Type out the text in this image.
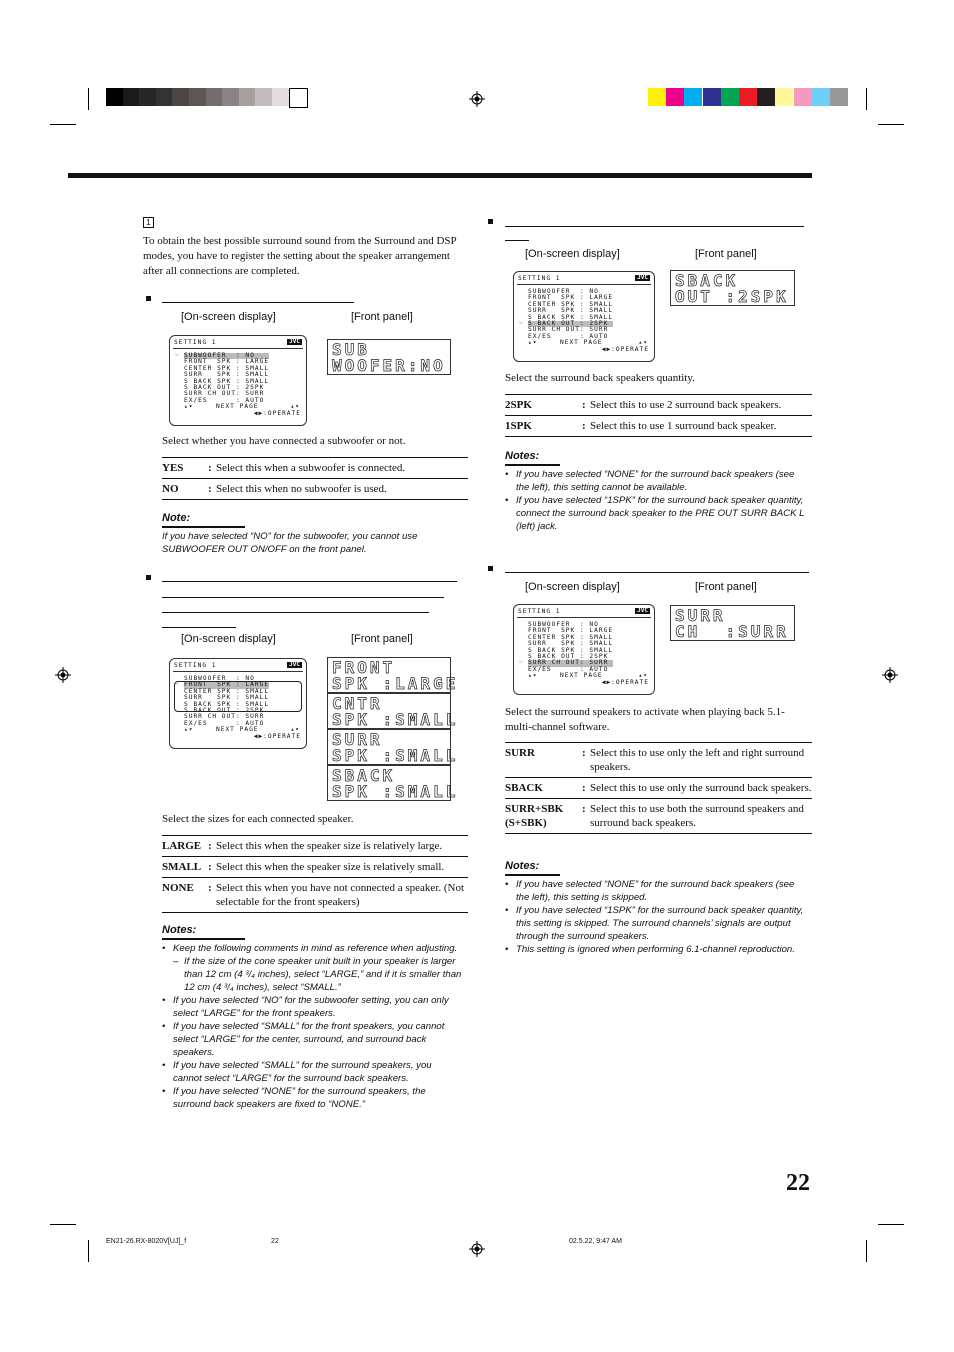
1
To obtain the best possible surround sound from the Surround and DSP modes, you have to register the setting about the speaker arrangement after all connections are completed.
[On-screen display]	[Front panel]
SETTING 1	JVC
SUBWOOFER  : NO
FRONT  SPK : LARGE
CENTER SPK : SMALL
SURR   SPK : SMALL
S BACK SPK : SMALL
S BACK OUT : 2SPK
SURR CH OUT: SURR
EX/ES      : AUTO
☞
▴▾	NEXT PAGE	▴▾
◀▶:OPERATE
SUB
WOOFER:NO
Select whether you have connected a subwoofer or not.
YES	:	Select this when a subwoofer is connected.
NO	:	Select this when no subwoofer is used.
Note:
If you have selected “NO” for the subwoofer, you cannot use SUBWOOFER OUT ON/OFF on the front panel.
[On-screen display]	[Front panel]
SETTING 1	JVC
SUBWOOFER  : NO
FRONT  SPK : LARGE
CENTER SPK : SMALL
SURR   SPK : SMALL
S BACK SPK : SMALL
S BACK OUT : 2SPK
SURR CH OUT: SURR
EX/ES      : AUTO
☞
▴▾	NEXT PAGE	▴▾
◀▶:OPERATE
FRONT
SPK :LARGE
CNTR
SPK :SMALL
SURR
SPK :SMALL
SBACK
SPK :SMALL
Select the sizes for each connected speaker.
LARGE	:	Select this when the speaker size is relatively large.
SMALL	:	Select this when the speaker size is relatively small.
NONE	:	Select this when you have not connected a speaker. (Not selectable for the front speakers)
Notes:
• Keep the following comments in mind as reference when adjusting.
– If the size of the cone speaker unit built in your speaker is larger than 12 cm (4 ³/₄ inches), select “LARGE,” and if it is smaller than 12 cm (4 ³/₄ inches), select “SMALL.”
• If you have selected “NO” for the subwoofer setting, you can only select “LARGE” for the front speakers.
• If you have selected “SMALL” for the front speakers, you cannot select “LARGE” for the center, surround, and surround back speakers.
• If you have selected “SMALL” for the surround speakers, you cannot select “LARGE” for the surround back speakers.
• If you have selected “NONE” for the surround speakers, the surround back speakers are fixed to “NONE.”
[On-screen display]	[Front panel]
SETTING 1	JVC
SUBWOOFER  : NO
FRONT  SPK : LARGE
CENTER SPK : SMALL
SURR   SPK : SMALL
S BACK SPK : SMALL
S BACK OUT : 2SPK
SURR CH OUT: SURR
EX/ES      : AUTO
☞
▴▾	NEXT PAGE	▴▾
◀▶:OPERATE
SBACK
OUT :2SPK
Select the surround back speakers quantity.
2SPK	:	Select this to use 2 surround back speakers.
1SPK	:	Select this to use 1 surround back speaker.
Notes:
• If you have selected “NONE” for the surround back speakers (see the left), this setting cannot be available.
• If you have selected “1SPK” for the surround back speaker quantity, connect the surround back speaker to the PRE OUT SURR BACK L (left) jack.
[On-screen display]	[Front panel]
SETTING 1	JVC
SUBWOOFER  : NO
FRONT  SPK : LARGE
CENTER SPK : SMALL
SURR   SPK : SMALL
S BACK SPK : SMALL
S BACK OUT : 2SPK
SURR CH OUT: SURR
EX/ES      : AUTO
☞
▴▾	NEXT PAGE	▴▾
◀▶:OPERATE
SURR
CH  :SURR
Select the surround speakers to activate when playing back 5.1-multi-channel software.
SURR	:	Select this to use only the left and right surround speakers.
SBACK	:	Select this to use only the surround back speakers.
SURR+SBK
(S+SBK)	:	Select this to use both the surround speakers and surround back speakers.
Notes:
• If you have selected “NONE” for the surround back speakers (see the left), this setting is skipped.
• If you have selected “1SPK” for the surround back speaker quantity, this setting is skipped. The surround channels’ signals are output through the surround speakers.
• This setting is ignored when performing 6.1-channel reproduction.
22
EN21-26.RX-8020V[UJ]_f	22	02.5.22, 9:47 AM
